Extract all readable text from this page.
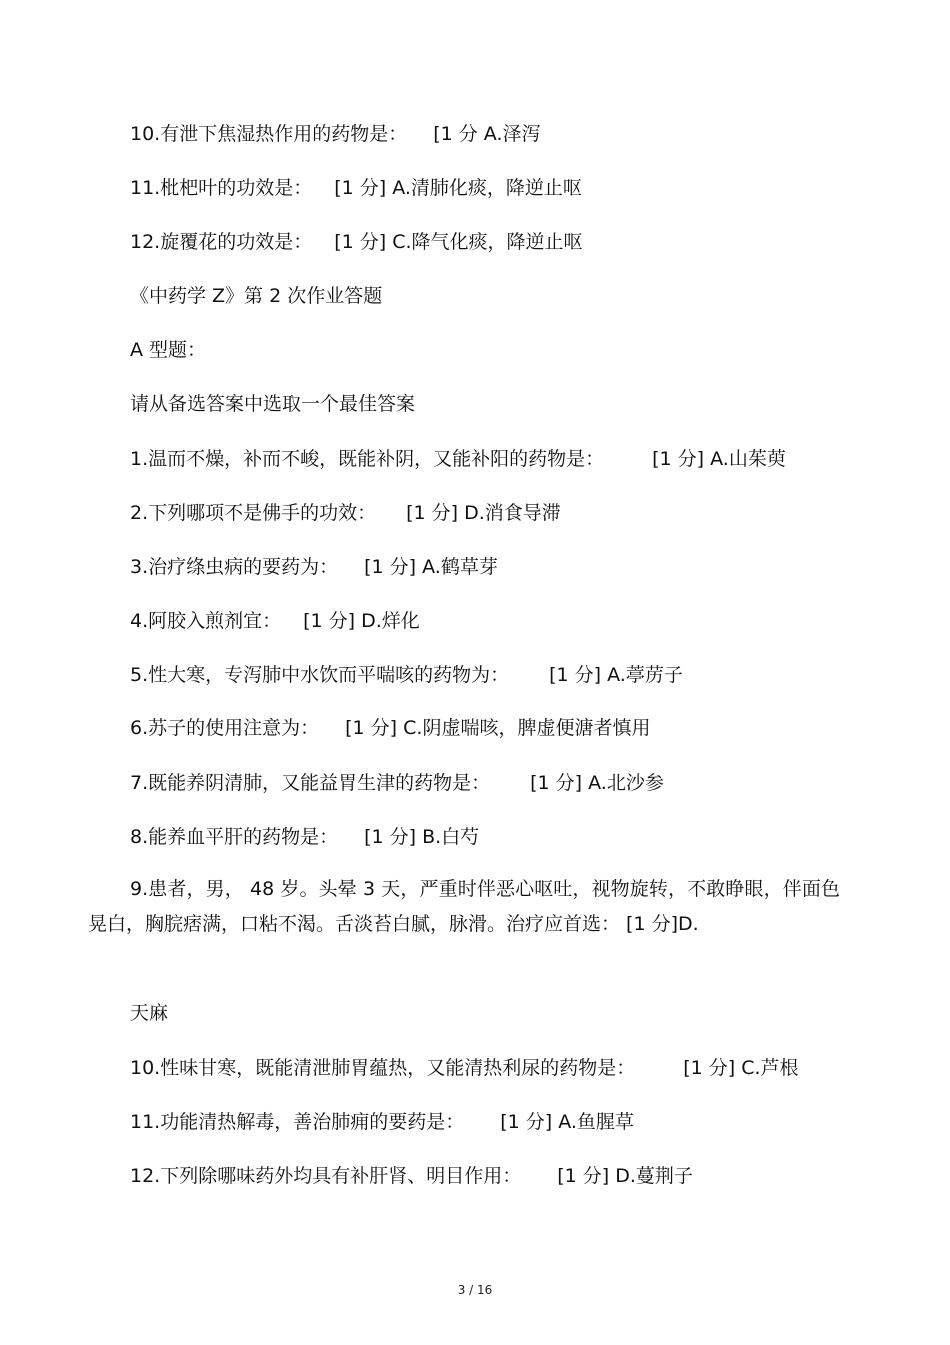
10.有泄下焦湿热作用的药物是： [1 分 A.泽泻
11.枇杷叶的功效是： [1 分] A.清肺化痰，降逆止呕
12.旋覆花的功效是： [1 分] C.降气化痰，降逆止呕
《中药学 Z》第 2 次作业答题
A 型题：
请从备选答案中选取一个最佳答案
1.温而不燥，补而不峻，既能补阴，又能补阳的药物是：	[1 分] A.山茱萸
2.下列哪项不是佛手的功效： [1 分] D.消食导滞
3.治疗绦虫病的要药为： [1 分] A.鹤草芽
4.阿胶入煎剂宜： [1 分] D.烊化
5.性大寒，专泻肺中水饮而平喘咳的药物为： [1 分] A.葶苈子
6.苏子的使用注意为： [1 分] C.阴虚喘咳，脾虚便溏者慎用
7.既能养阴清肺，又能益胃生津的药物是： [1 分] A.北沙参
8.能养血平肝的药物是： [1 分] B.白芍
9.患者，男， 48 岁。头晕 3 天，严重时伴恶心呕吐，视物旋转，不敢睁眼，伴面色晃白，胸脘痞满，口粘不渴。舌淡苔白腻，脉滑。治疗应首选： [1 分]D.
天麻
10.性味甘寒，既能清泄肺胃蕴热，又能清热利尿的药物是：	[1 分] C.芦根
11.功能清热解毒，善治肺痈的要药是： [1 分] A.鱼腥草
12.下列除哪味药外均具有补肝肾、明目作用： [1 分] D.蔓荆子
3 / 16
